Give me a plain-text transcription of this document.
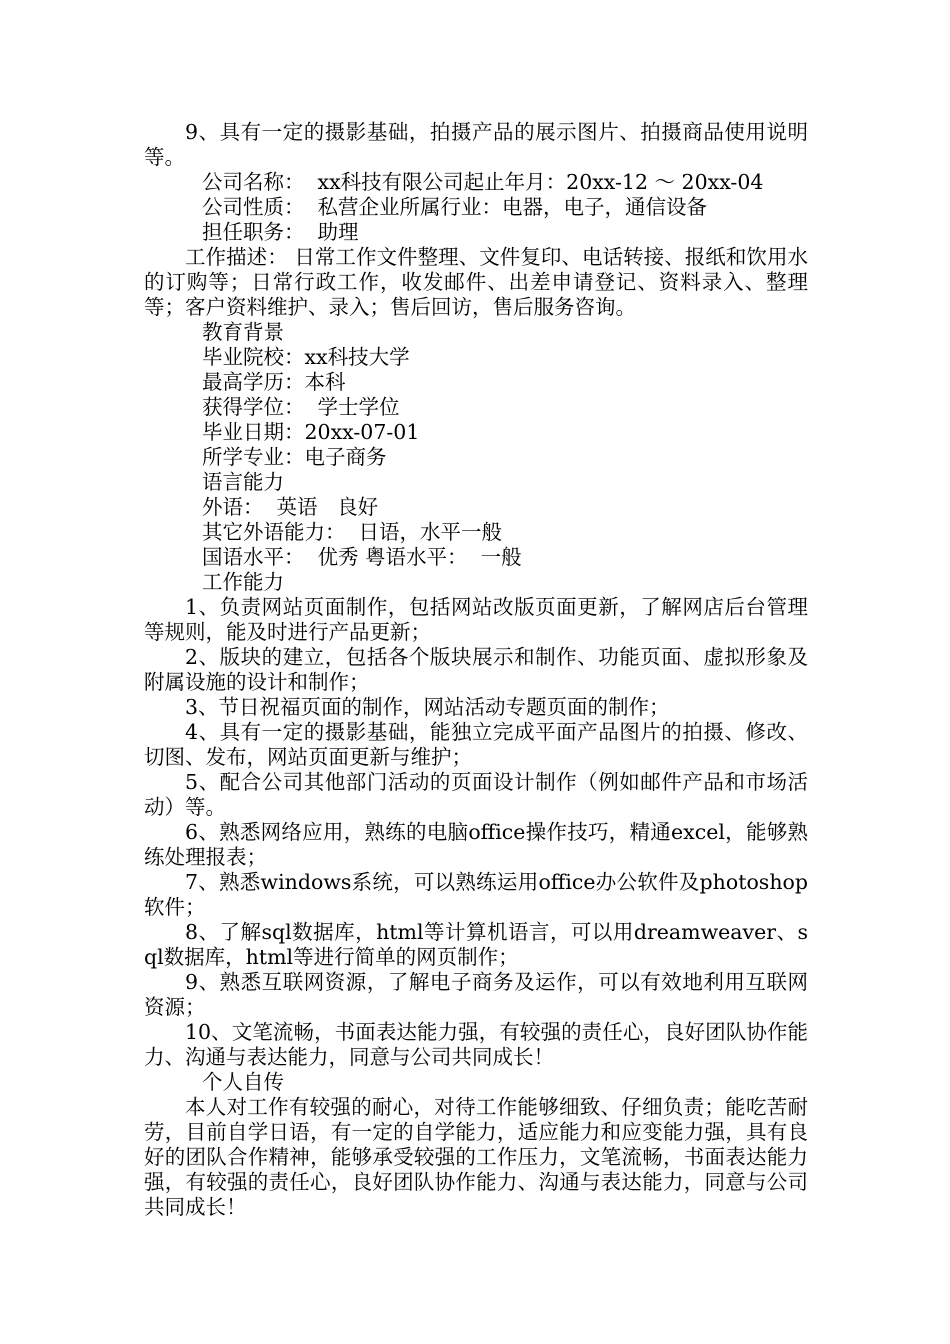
9、具有一定的摄影基础，拍摄产品的展示图片、拍摄商品使用说明等。
公司名称：  xx科技有限公司起止年月：20xx-12 ～ 20xx-04
公司性质：  私营企业所属行业：电器，电子，通信设备
担任职务：  助理
工作描述： 日常工作文件整理、文件复印、电话转接、报纸和饮用水的订购等；日常行政工作，收发邮件、出差申请登记、资料录入、整理等；客户资料维护、录入；售后回访，售后服务咨询。
教育背景
毕业院校：xx科技大学
最高学历：本科
获得学位：  学士学位
毕业日期：20xx-07-01
所学专业：电子商务
语言能力
外语：  英语   良好
其它外语能力：  日语，水平一般
国语水平：  优秀 粤语水平：  一般
工作能力
1、负责网站页面制作，包括网站改版页面更新，了解网店后台管理等规则，能及时进行产品更新；
2、版块的建立，包括各个版块展示和制作、功能页面、虚拟形象及附属设施的设计和制作；
3、节日祝福页面的制作，网站活动专题页面的制作；
4、具有一定的摄影基础，能独立完成平面产品图片的拍摄、修改、切图、发布，网站页面更新与维护；
5、配合公司其他部门活动的页面设计制作（例如邮件产品和市场活动）等。
6、熟悉网络应用，熟练的电脑office操作技巧，精通excel，能够熟练处理报表；
7、熟悉windows系统，可以熟练运用office办公软件及photoshop软件；
8、了解sql数据库，html等计算机语言，可以用dreamweaver、sql数据库，html等进行简单的网页制作；
9、熟悉互联网资源，了解电子商务及运作，可以有效地利用互联网资源；
10、文笔流畅，书面表达能力强，有较强的责任心，良好团队协作能力、沟通与表达能力，同意与公司共同成长！
个人自传
本人对工作有较强的耐心，对待工作能够细致、仔细负责；能吃苦耐劳，目前自学日语，有一定的自学能力，适应能力和应变能力强，具有良好的团队合作精神，能够承受较强的工作压力，文笔流畅，书面表达能力强，有较强的责任心，良好团队协作能力、沟通与表达能力，同意与公司共同成长！
